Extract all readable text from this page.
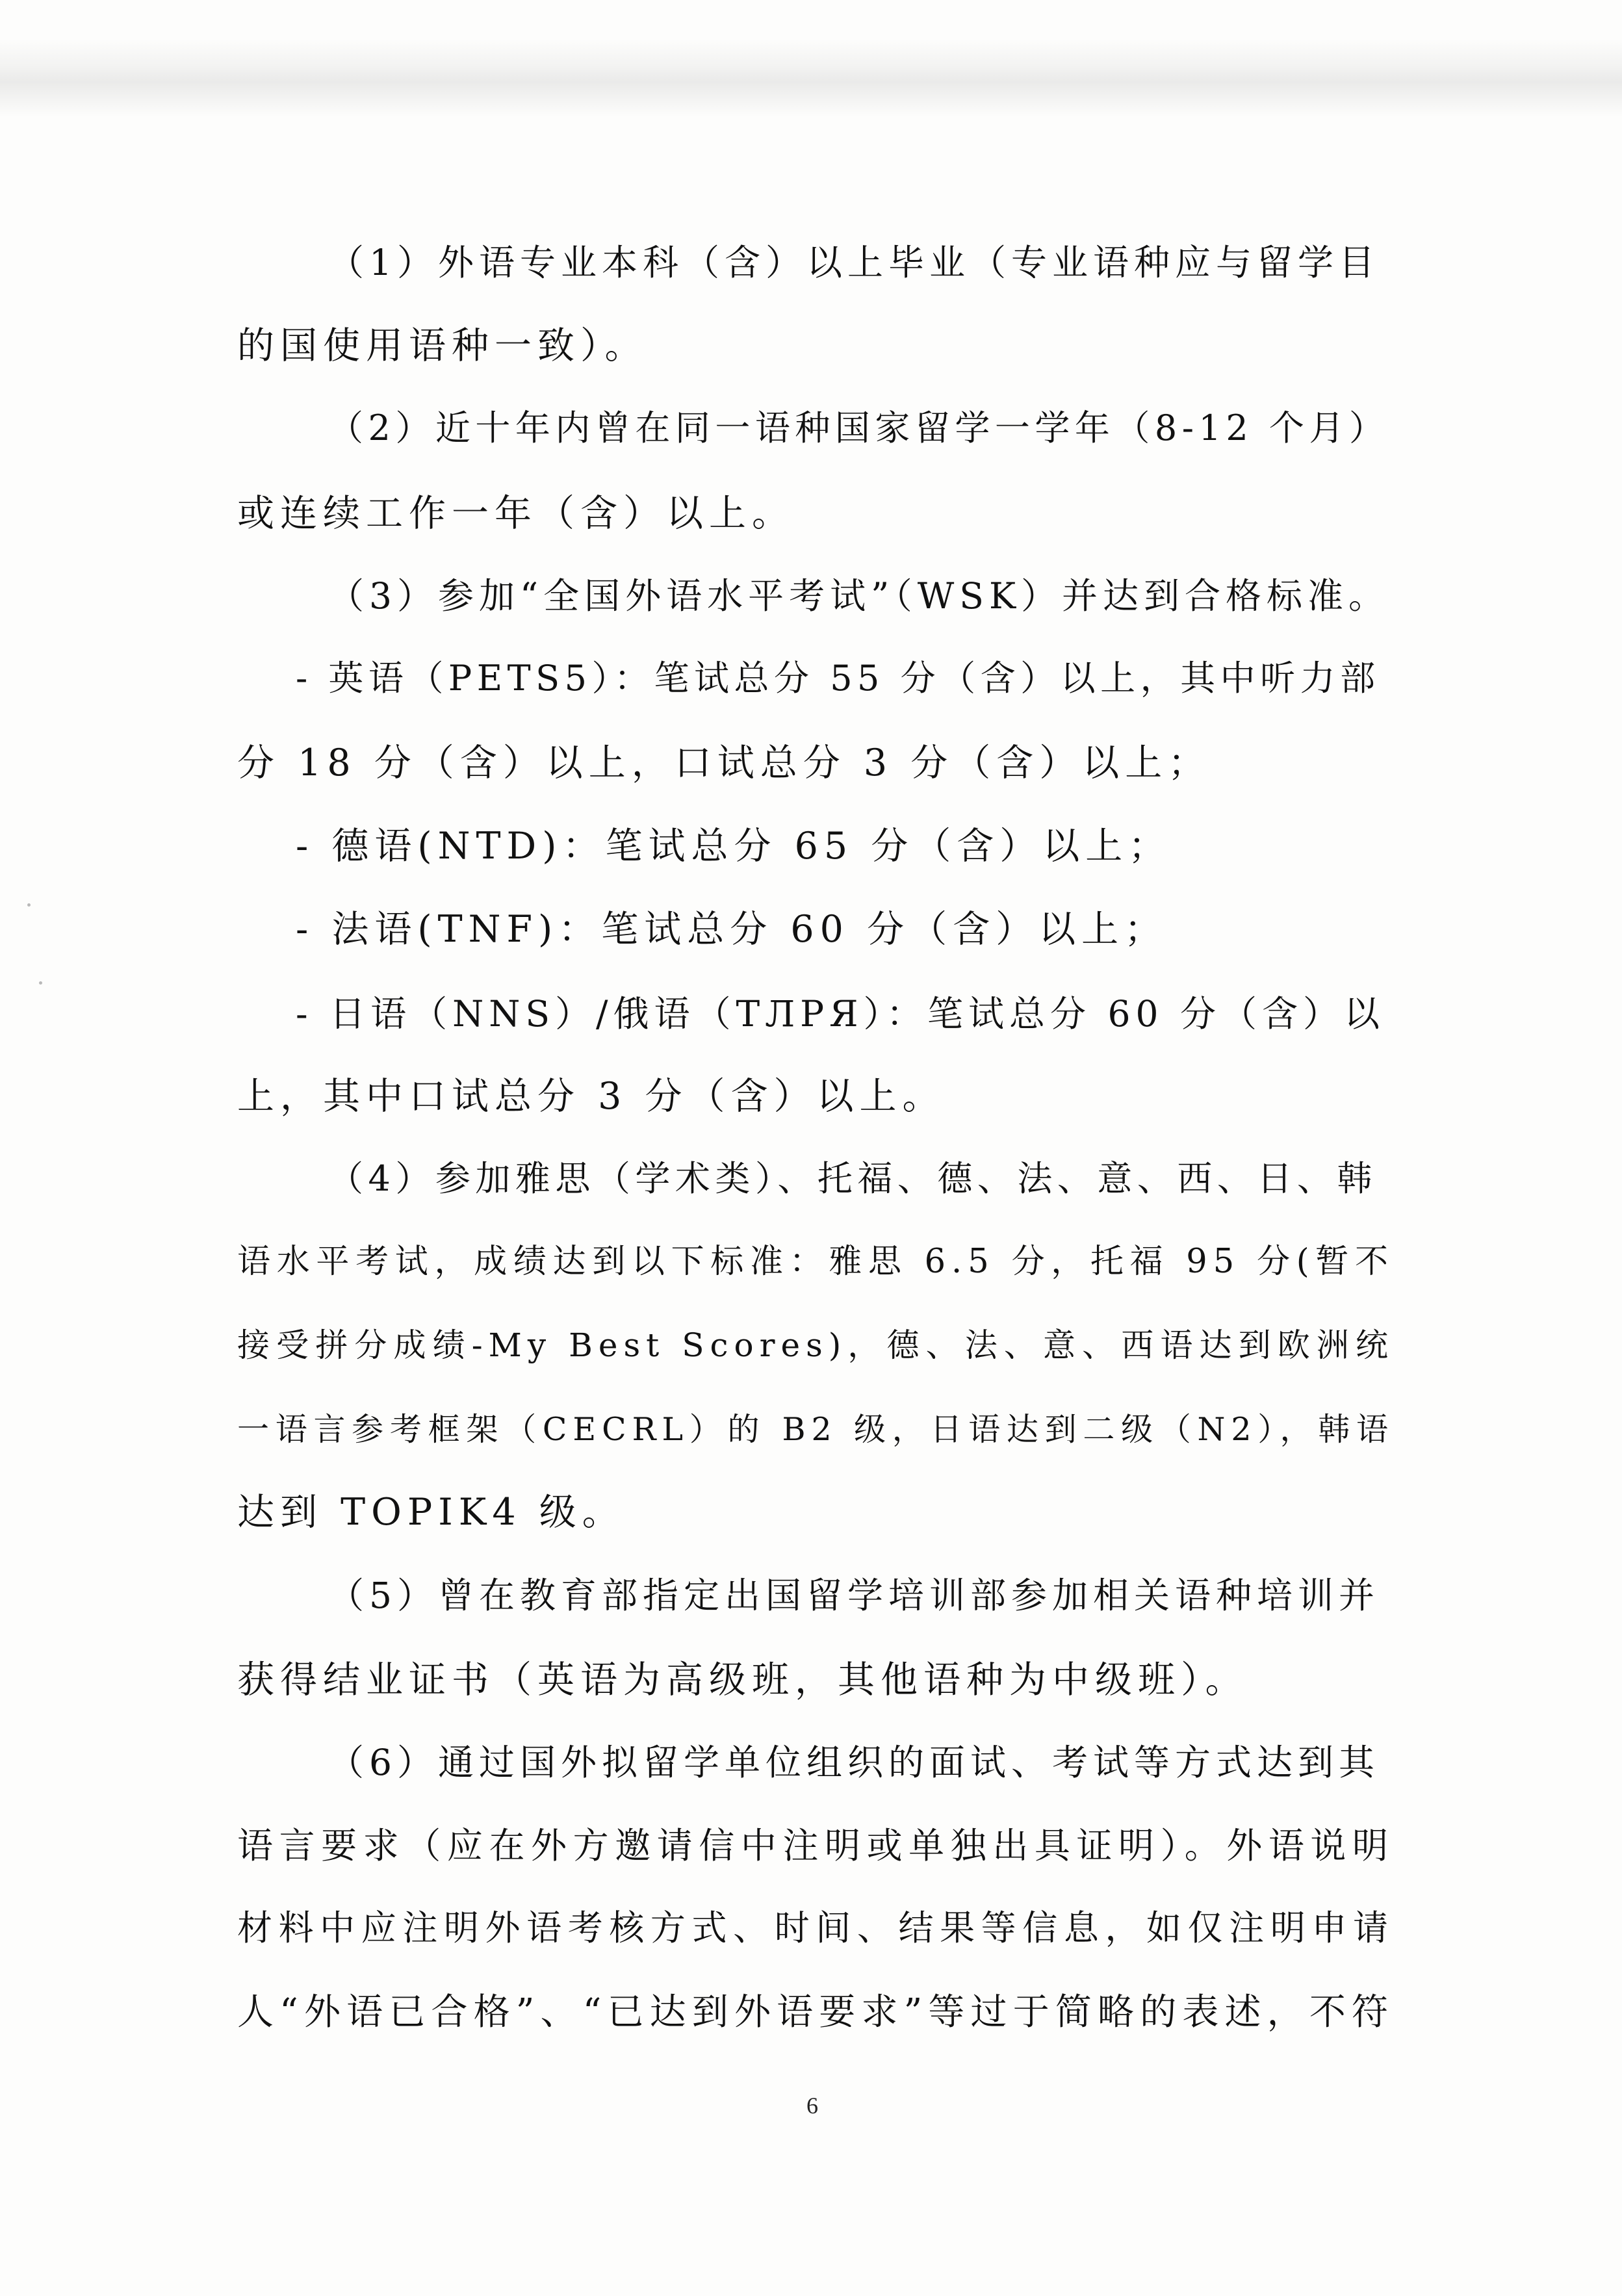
（1）外语专业本科（含）以上毕业（专业语种应与留学目
的国使用语种一致）。
（2）近十年内曾在同一语种国家留学一学年（8-12 个月）
或连续工作一年（含）以上。
（3）参加“全国外语水平考试”（WSK）并达到合格标准。
- 英语（PETS5）：笔试总分 55 分（含）以上，其中听力部
分 18 分（含）以上，口试总分 3 分（含）以上；
- 德语(NTD)：笔试总分 65 分（含）以上；
- 法语(TNF)：笔试总分 60 分（含）以上；
- 日语（NNS）/俄语（ТЛРЯ）：笔试总分 60 分（含）以
上，其中口试总分 3 分（含）以上。
（4）参加雅思（学术类）、托福、德、法、意、西、日、韩
语水平考试，成绩达到以下标准：雅思 6.5 分，托福 95 分(暂不
接受拼分成绩-My Best Scores)，德、法、意、西语达到欧洲统
一语言参考框架（CECRL）的 B2 级，日语达到二级（N2），韩语
达到 TOPIK4 级。
（5）曾在教育部指定出国留学培训部参加相关语种培训并
获得结业证书（英语为高级班，其他语种为中级班）。
（6）通过国外拟留学单位组织的面试、考试等方式达到其
语言要求（应在外方邀请信中注明或单独出具证明）。外语说明
材料中应注明外语考核方式、时间、结果等信息，如仅注明申请
人“外语已合格”、“已达到外语要求”等过于简略的表述，不符
6
